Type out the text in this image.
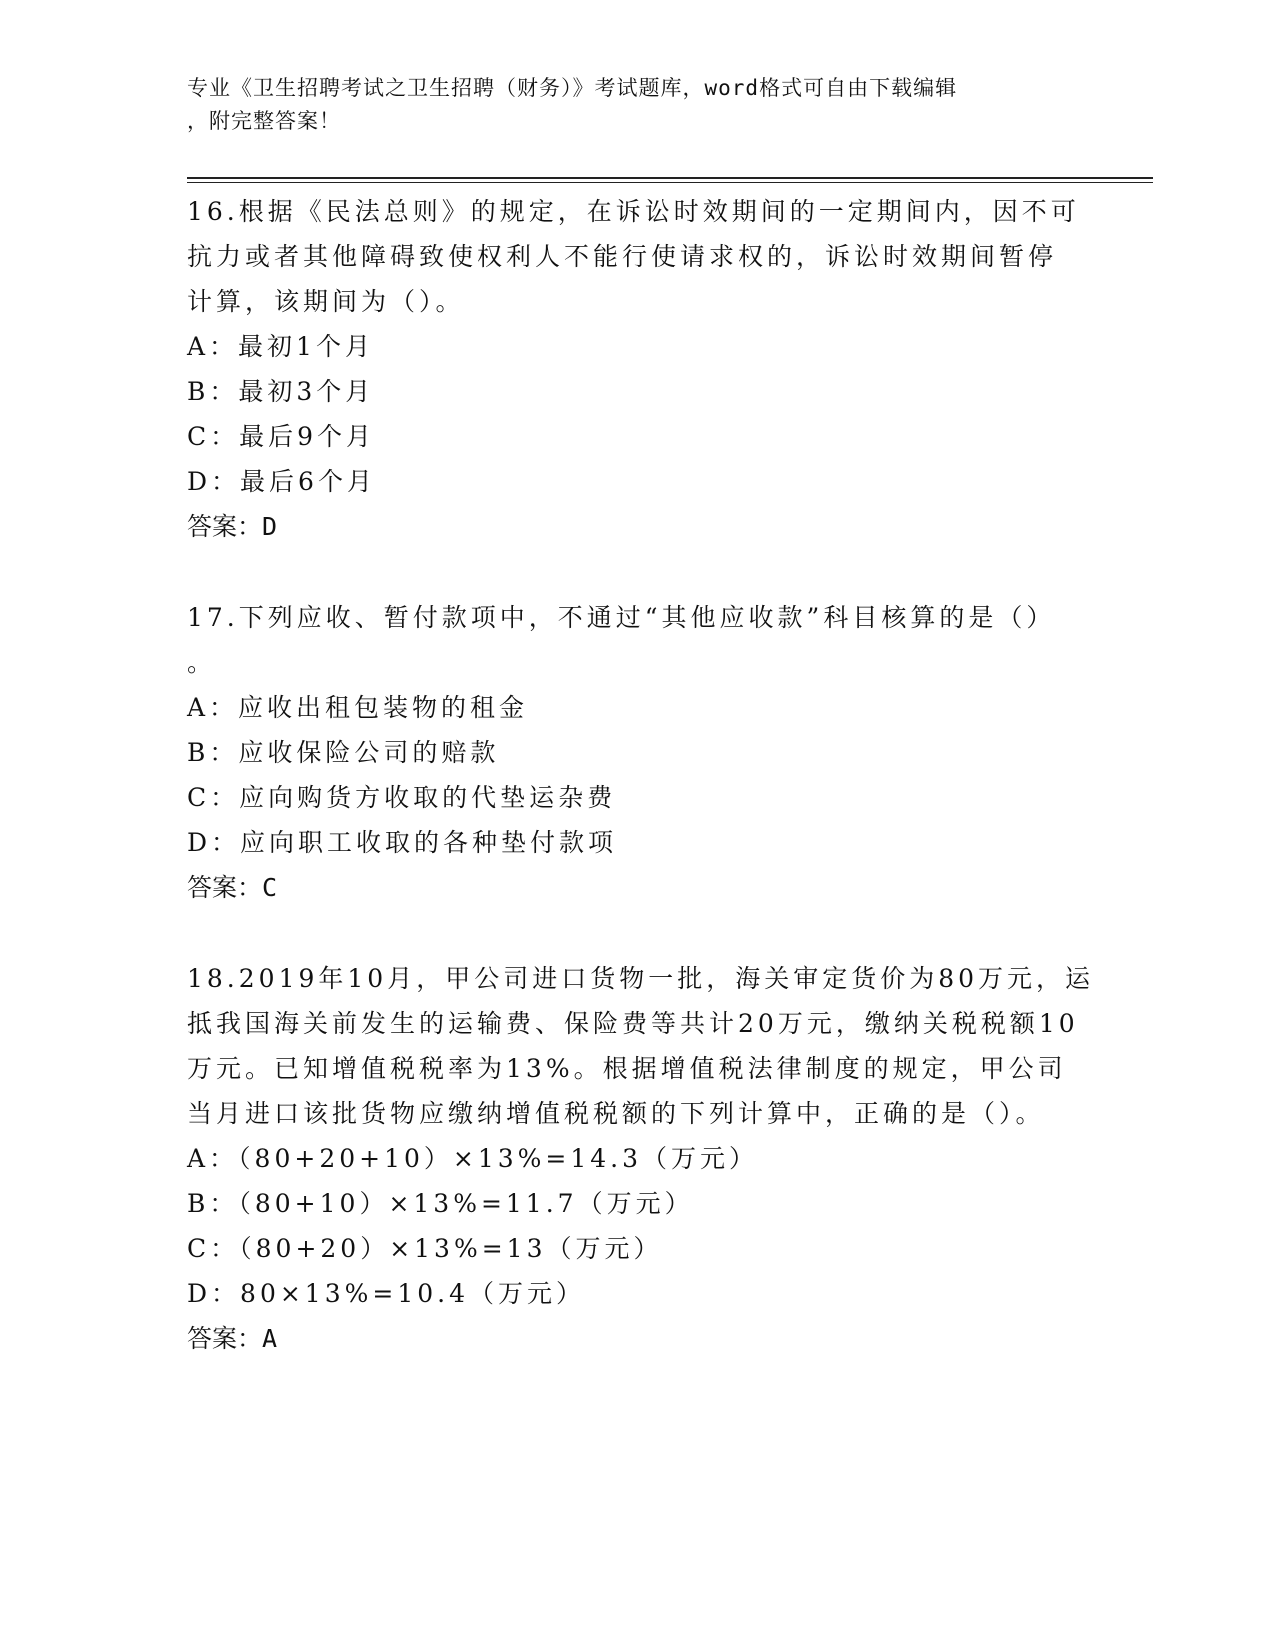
专业《卫生招聘考试之卫生招聘（财务）》考试题库，word格式可自由下载编辑
，附完整答案！
16.根据《民法总则》的规定，在诉讼时效期间的一定期间内，因不可
抗力或者其他障碍致使权利人不能行使请求权的，诉讼时效期间暂停
计算，该期间为（）。
A：最初1个月
B：最初3个月
C：最后9个月
D：最后6个月
答案：D
17.下列应收、暂付款项中，不通过“其他应收款”科目核算的是（）
。
A：应收出租包装物的租金
B：应收保险公司的赔款
C：应向购货方收取的代垫运杂费
D：应向职工收取的各种垫付款项
答案：C
18.2019年10月，甲公司进口货物一批，海关审定货价为80万元，运
抵我国海关前发生的运输费、保险费等共计20万元，缴纳关税税额10
万元。已知增值税税率为13%。根据增值税法律制度的规定，甲公司
当月进口该批货物应缴纳增值税税额的下列计算中，正确的是（）。
A：（80+20+10）×13%=14.3（万元）
B：（80+10）×13%=11.7（万元）
C：（80+20）×13%=13（万元）
D：80×13%=10.4（万元）
答案：A
